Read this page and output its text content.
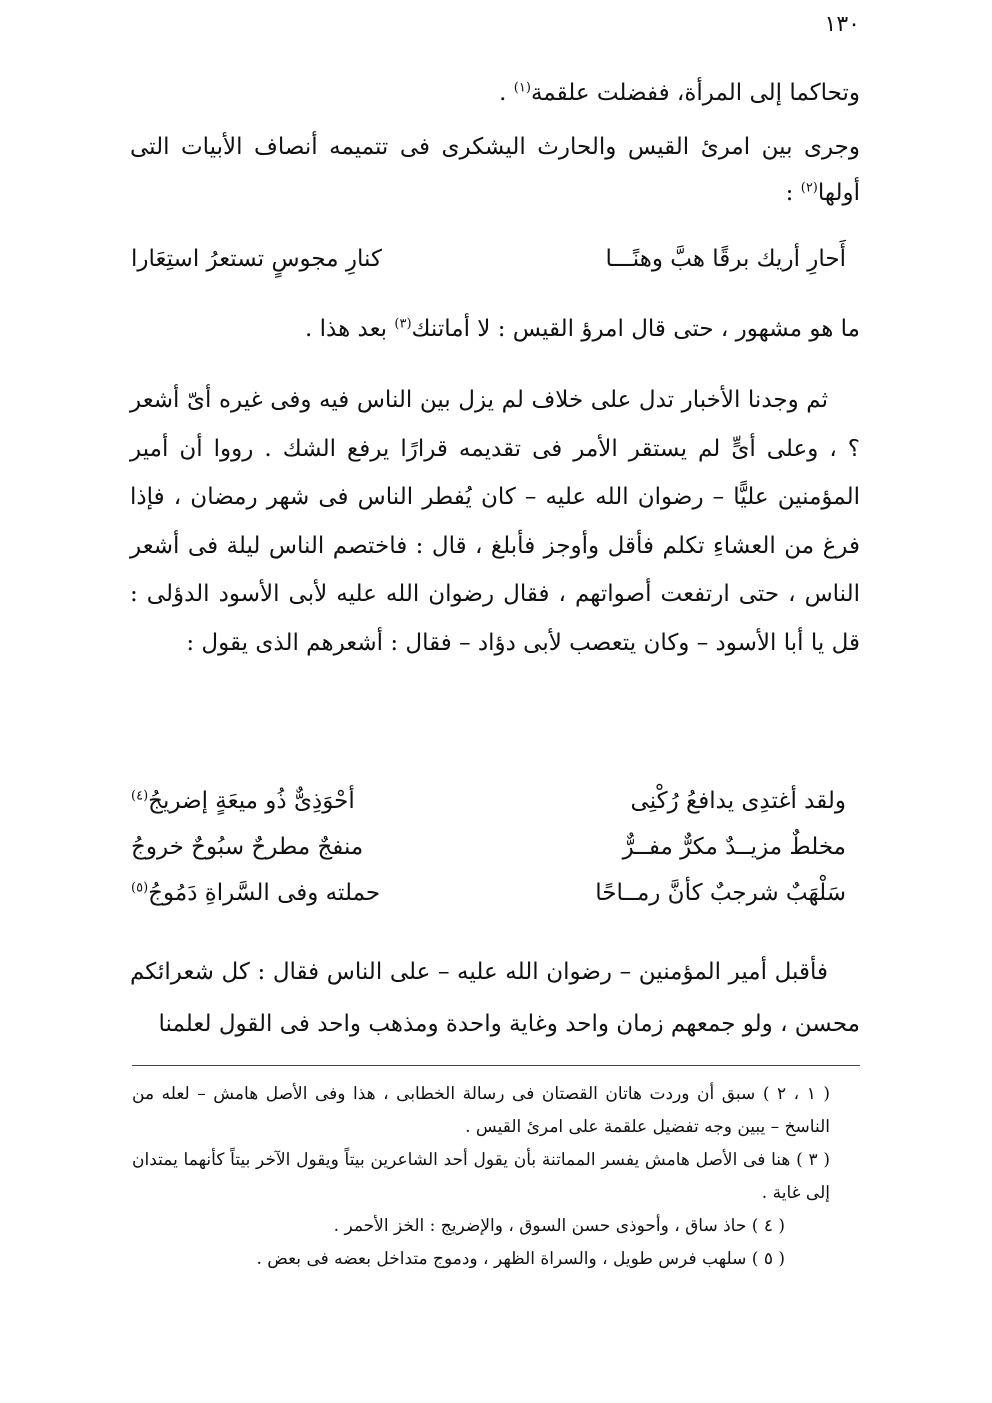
١٣٠

وتحاكما إلى المرأة، ففضلت علقمة$^{(١)}$ .

وجرى بين امرئ القيس والحارث اليشكرى فى تتميمه أنصاف الأبيات التى أولها$^{(٢)}$ :

أَحارِ أريك برقًا هبَّ وهنًـــا
كنارِ مجوسٍ تستعرُ استِعَارا

ما هو مشهور ، حتى قال امرؤ القيس : لا أماتنك$^{(٣)}$ بعد هذا .

ثم وجدنا الأخبار تدل على خلاف لم يزل بين الناس فيه وفى غيره أىّ أشعر ؟ ، وعلى أىٍّ لم يستقر الأمر فى تقديمه قرارًا يرفع الشك . رووا أن أمير المؤمنين عليًّا – رضوان الله عليه – كان يُفطر الناس فى شهر رمضان ، فإذا فرغ من العشاءِ تكلم فأقل وأوجز فأبلغ ، قال : فاختصم الناس ليلة فى أشعر الناس ، حتى ارتفعت أصواتهم ، فقال رضوان الله عليه لأبى الأسود الدؤلى : قل يا أبا الأسود – وكان يتعصب لأبى دؤاد – فقال : أشعرهم الذى يقول :

ولقد أغتدِى يدافعُ رُكْنِى
أحْوَذِىٌّ ذُو ميعَةٍ إضريجُ$^{(٤)}$
مخلطٌ مزيــدٌ مكرٌّ مفــرٌّ
منفجٌ مطرحٌ سبُوحٌ خروجُ
سَلْهَبٌ شرجبٌ كأنَّ رمــاحًا
حملته وفى السَّراةِ دَمُوجُ$^{(٥)}$

فأقبل أمير المؤمنين – رضوان الله عليه – على الناس فقال : كل شعرائكم محسن ، ولو جمعهم زمان واحد وغاية واحدة ومذهب واحد فى القول لعلمنا

( ١ ، ٢ ) سبق أن وردت هاتان القصتان فى رسالة الخطابى ، هذا وفى الأصل هامش – لعله من الناسخ – يبين وجه تفضيل علقمة على امرئ القيس .

( ٣ ) هنا فى الأصل هامش يفسر المماتنة بأن يقول أحد الشاعرين بيتاً ويقول الآخر بيتاً كأنهما يمتدان إلى غاية .

( ٤ ) حاذ ساق ، وأحوذى حسن السوق ، والإضريج : الخز الأحمر .

( ٥ ) سلهب فرس طويل ، والسراة الظهر ، ودموج متداخل بعضه فى بعض .
